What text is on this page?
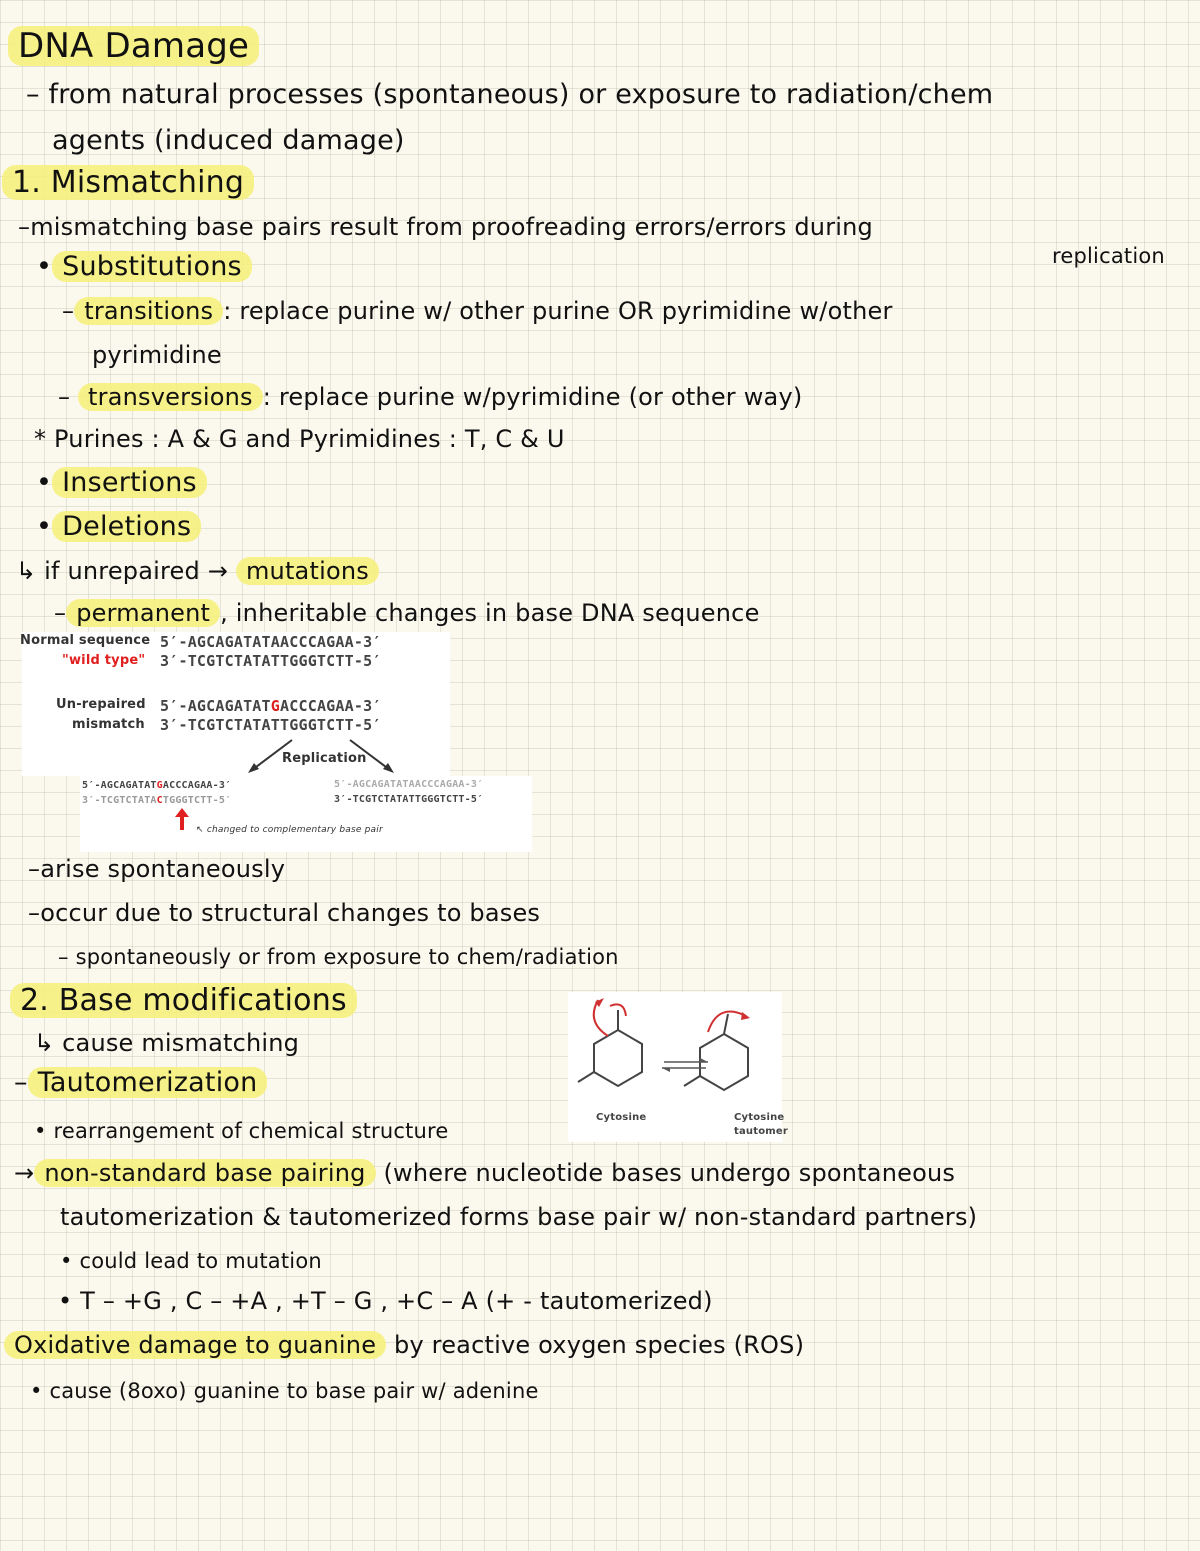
DNA Damage
– from natural processes (spontaneous) or exposure to radiation/chem
agents (induced damage)
1. Mismatching
–mismatching base pairs result from proofreading errors/errors during
replication
• Substitutions
– transitions : replace purine w/ other purine OR pyrimidine w/other
pyrimidine
– transversions : replace purine w/pyrimidine (or other way)
* Purines : A & G and Pyrimidines : T, C & U
• Insertions
• Deletions
↳ if unrepaired → mutations
– permanent , inheritable changes in base DNA sequence
Normal sequence
"wild type"
5′-AGCAGATATAACCCAGAA-3′
3′-TCGTCTATATTGGGTCTT-5′
Un-repaired
mismatch
5′-AGCAGATATGACCCAGAA-3′
3′-TCGTCTATATTGGGTCTT-5′
Replication
5′-AGCAGATATGACCCAGAA-3′
3′-TCGTCTATACTGGGTCTT-5′
5′-AGCAGATATAACCCAGAA-3′
3′-TCGTCTATATTGGGTCTT-5′
↖ changed to complementary base pair
–arise spontaneously
–occur due to structural changes to bases
– spontaneously or from exposure to chem/radiation
2. Base modifications
↳ cause mismatching
– Tautomerization
• rearrangement of chemical structure
Cytosine	Cytosine
tautomer
→ non-standard base pairing (where nucleotide bases undergo spontaneous
tautomerization & tautomerized forms base pair w/ non-standard partners)
• could lead to mutation
• T – +G , C – +A , +T – G , +C – A (+ - tautomerized)
Oxidative damage to guanine by reactive oxygen species (ROS)
• cause (8oxo) guanine to base pair w/ adenine
